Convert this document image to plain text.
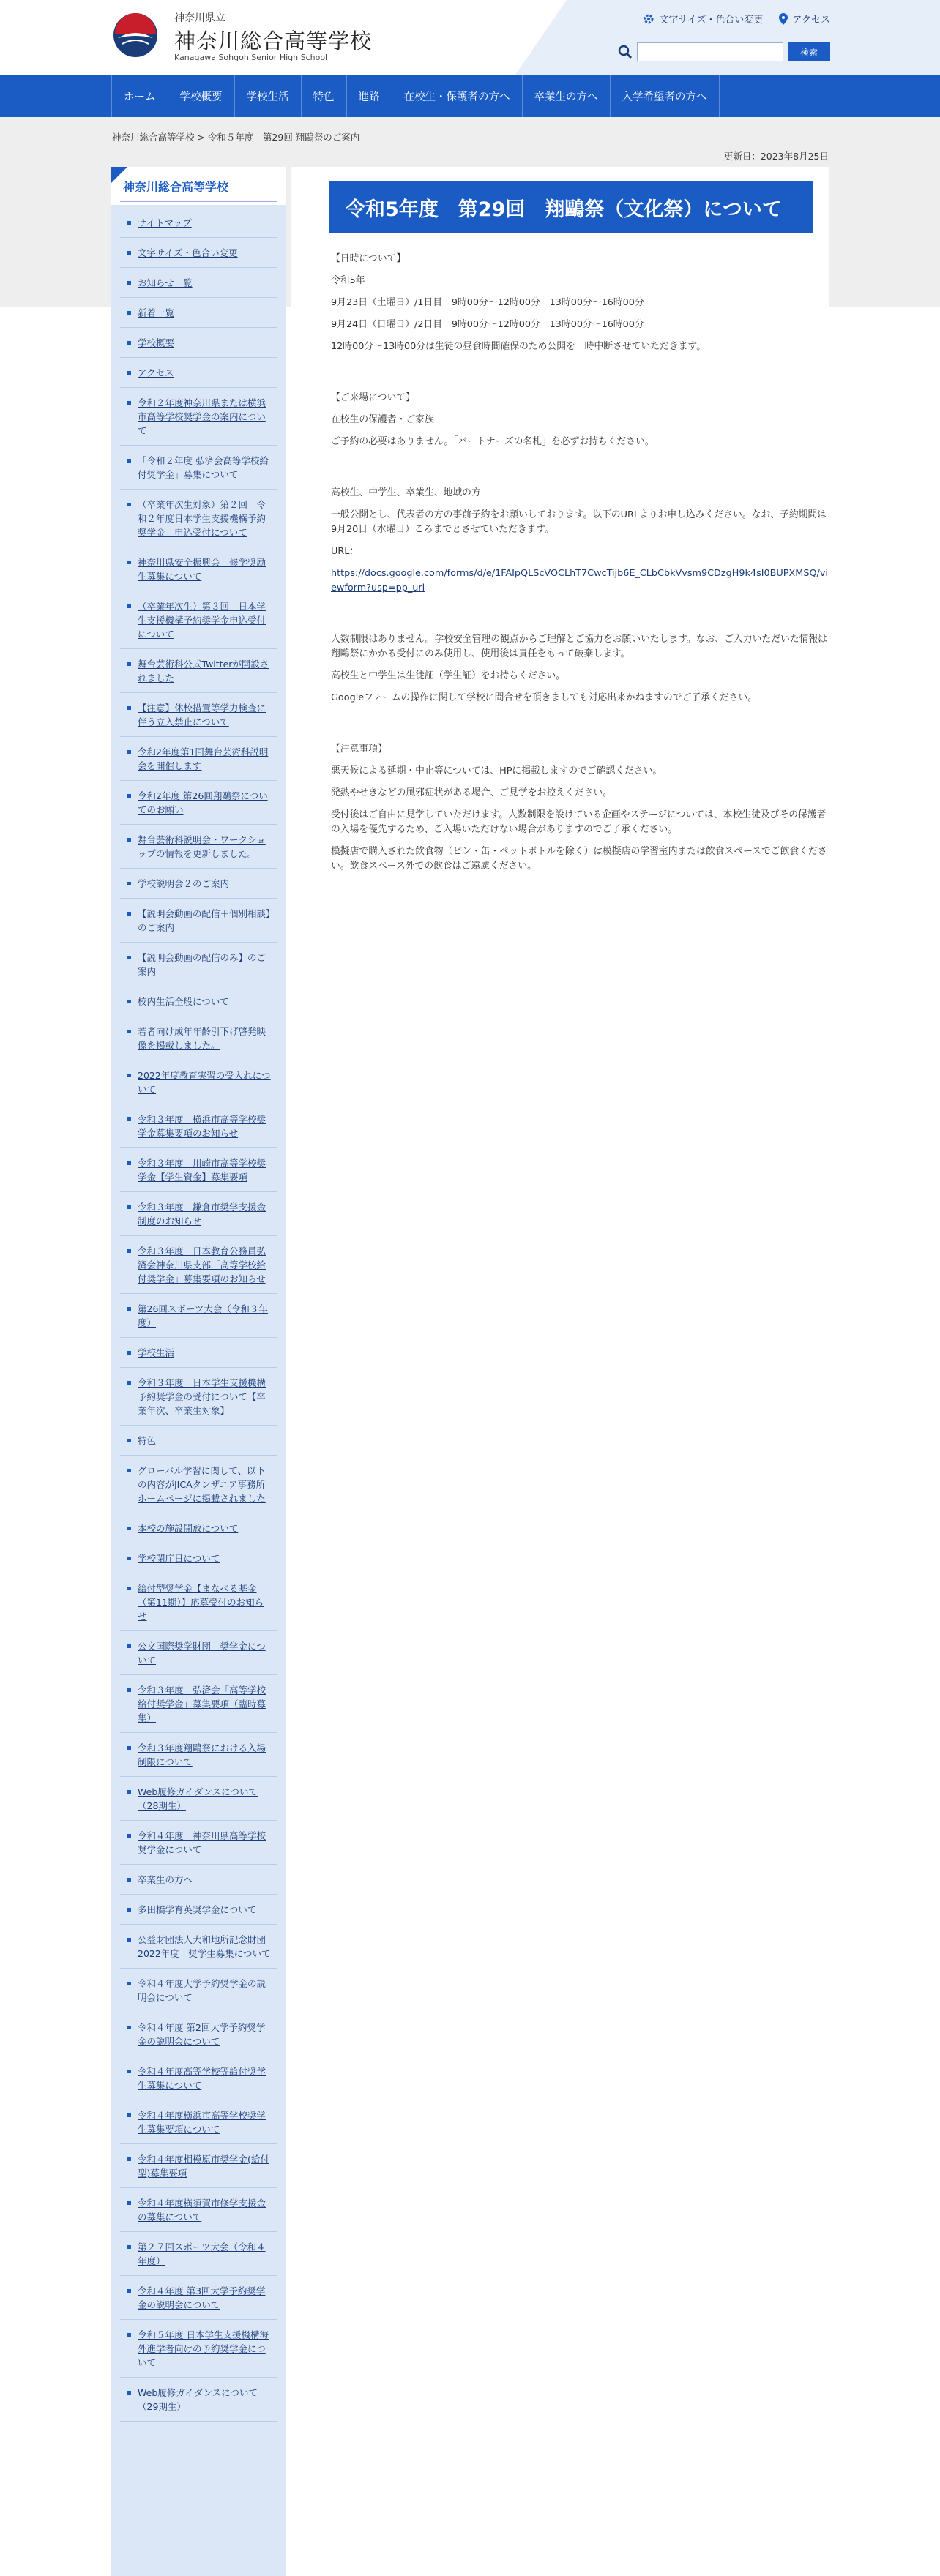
神奈川県立
神奈川総合高等学校
Kanagawa Sohgoh Senior High School
文字サイズ・色合い変更	アクセス
検索
ホーム	学校概要	学校生活	特色	進路	在校生・保護者の方へ	卒業生の方へ	入学希望者の方へ
神奈川総合高等学校 > 令和５年度　第29回 翔鷗祭のご案内
更新日：2023年8月25日
神奈川総合高等学校
サイトマップ
文字サイズ・色合い変更
お知らせ一覧
新着一覧
学校概要
アクセス
令和２年度神奈川県または横浜市高等学校奨学金の案内について
「令和２年度 弘済会高等学校給付奨学金」募集について
（卒業年次生対象）第２回　令和２年度日本学生支援機構予約奨学金　申込受付について
神奈川県安全振興会　修学奨励生募集について
（卒業年次生）第３回　日本学生支援機構予約奨学金申込受付について
舞台芸術科公式Twitterが開設されました
【注意】休校措置等学力検査に伴う立入禁止について
令和2年度第1回舞台芸術科説明会を開催します
令和2年度 第26回翔鷗祭についてのお願い
舞台芸術科説明会・ワークショップの情報を更新しました。
学校説明会２のご案内
【説明会動画の配信＋個別相談】のご案内
【説明会動画の配信のみ】のご案内
校内生活全般について
若者向け成年年齢引下げ啓発映像を掲載しました。
2022年度教育実習の受入れについて
令和３年度　横浜市高等学校奨学金募集要項のお知らせ
令和３年度　川崎市高等学校奨学金【学生資金】募集要項
令和３年度　鎌倉市奨学支援金制度のお知らせ
令和３年度　日本教育公務員弘済会神奈川県支部「高等学校給付奨学金」募集要項のお知らせ
第26回スポーツ大会（令和３年度）
学校生活
令和３年度　日本学生支援機構予約奨学金の受付について【卒業年次、卒業生対象】
特色
グローバル学習に関して、以下の内容がJICAタンザニア事務所ホームページに掲載されました
本校の施設開放について
学校閉庁日について
給付型奨学金【まなべる基金（第11期）】応募受付のお知らせ
公文国際奨学財団　奨学金について
令和３年度　弘済会「高等学校給付奨学金」募集要項（臨時募集）
令和３年度翔鷗祭における入場制限について
Web履修ガイダンスについて（28期生）
令和４年度　神奈川県高等学校奨学金について
卒業生の方へ
多田橋学育英奨学金について
公益財団法人大和地所記念財団　2022年度　奨学生募集について
令和４年度大学予約奨学金の説明会について
令和４年度 第2回大学予約奨学金の説明会について
令和４年度高等学校等給付奨学生募集について
令和４年度横浜市高等学校奨学生募集要項について
令和４年度相模原市奨学金(給付型)募集要項
令和４年度横須賀市修学支援金の募集について
第２７回スポーツ大会（令和４年度）
令和４年度 第3回大学予約奨学金の説明会について
令和５年度 日本学生支援機構海外進学者向けの予約奨学金について
Web履修ガイダンスについて（29期生）
令和5年度　第29回　翔鷗祭（文化祭）について

【日時について】

令和5年

9月23日（土曜日）/1日目　9時00分～12時00分　13時00分～16時00分

9月24日（日曜日）/2日目　9時00分～12時00分　13時00分～16時00分

12時00分～13時00分は生徒の昼食時間確保のため公開を一時中断させていただきます。

【ご来場について】

在校生の保護者・ご家族

ご予約の必要はありません。「パートナーズの名札」を必ずお持ちください。

高校生、中学生、卒業生、地域の方

一般公開とし、代表者の方の事前予約をお願いしております。以下のURLよりお申し込みください。なお、予約期間は9月20日（水曜日）ころまでとさせていただきます。

URL：

https://docs.google.com/forms/d/e/1FAIpQLScVOCLhT7CwcTijb6E_CLbCbkVvsm9CDzgH9k4sI0BUPXMSQ/viewform?usp=pp_url

人数制限はありません。学校安全管理の観点からご理解とご協力をお願いいたします。なお、ご入力いただいた情報は翔鷗祭にかかる受付にのみ使用し、使用後は責任をもって破棄します。

高校生と中学生は生徒証（学生証）をお持ちください。

Googleフォームの操作に関して学校に問合せを頂きましても対応出来かねますのでご了承ください。

【注意事項】

悪天候による延期・中止等については、HPに掲載しますのでご確認ください。

発熱やせきなどの風邪症状がある場合、ご見学をお控えください。

受付後はご自由に見学していただけます。人数制限を設けている企画やステージについては、本校生徒及びその保護者の入場を優先するため、ご入場いただけない場合がありますのでご了承ください。

模擬店で購入された飲食物（ビン・缶・ペットボトルを除く）は模擬店の学習室内または飲食スペースでご飲食ください。飲食スペース外での飲食はご遠慮ください。
